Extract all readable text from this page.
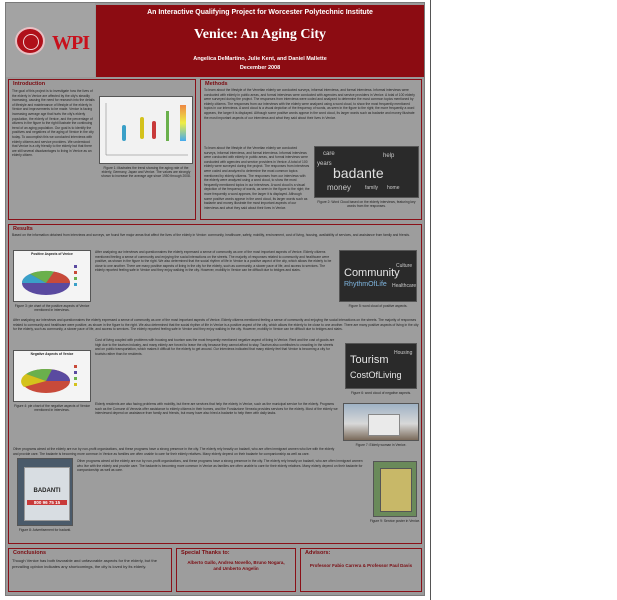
WPI
An Interactive Qualifying Project for Worcester Polytechnic Institute
Venice: An Aging City
Angelica DeMartino, Julie Kent, and Daniel Mallette
December 2008
Introduction
The goal of this project is to investigate how the lives of the elderly in Venice are affected by the city's steadily increasing, causing the need for research into the details of lifestyle and maintenance of lifestyle of the elderly in Venice and improvements to be made. Venice is facing increasing average age that hurts the city's elderly population, the elderly of Venice, and the percentage of citizens in the figure to the right illustrate the continuing trend of an aging population. Our goal is to identify the positives and negatives of the aging of Venice in the city today. To accomplish this we conducted interviews with elderly citizens and service providers. We understood that Venice is a city friendly to the elderly but that there are still several disadvantages to living in Venice as an elderly citizen.
Figure 1: illustrates the trend showing the aging rate of the elderly, Germany, Japan and Venice. The values are strongly shown to increase the average age since 1950 through 2008.
Methods
To learn about the lifestyle of the Venetian elderly we conducted surveys, informal interviews, and formal interviews. Informal interviews were conducted with elderly in public areas, and formal interviews were conducted with agencies and service providers in Venice. A total of 100 elderly were surveyed during the project. The responses from interviews were coded and analyzed to determine the most common topics mentioned by elderly citizens. The responses from our interviews with the elderly were analyzed using a word cloud, to show the most frequently mentioned topics in our interviews. A word cloud is a visual depiction of the frequency of words, as seen in the figure to the right; the more frequently a word appears, the larger it is displayed. Although some positive words appear in the word cloud, its larger words such as badante and money illustrate the most important aspects of our interviews and what they said about their lives in Venice.
To learn about the lifestyle of the Venetian elderly we conducted surveys, informal interviews, and formal interviews. Informal interviews were conducted with elderly in public areas, and formal interviews were conducted with agencies and service providers in Venice. A total of 100 elderly were surveyed during the project. The responses from interviews were coded and analyzed to determine the most common topics mentioned by elderly citizens. The responses from our interviews with the elderly were analyzed using a word cloud, to show the most frequently mentioned topics in our interviews. A word cloud is a visual depiction of the frequency of words, as seen in the figure to the right; the more frequently a word appears, the larger it is displayed. Although some positive words appear in the word cloud, its larger words such as badante and money illustrate the most important aspects of our interviews and what they said about their lives in Venice.
care
badante
money
years
help
home
family
Figure 2: Word Cloud based on the elderly interviews, featuring key words from the responses.
Results
Based on the information obtained from interviews and surveys, we found five major areas that affect the lives of the elderly in Venice: community, healthcare, safety, mobility, environment, cost of living, housing, availability of services, and assistance from family and friends.
Positive Aspects of Venice
Figure 3: pie chart of the positive aspects of Venice mentioned in interviews.
After analyzing our interviews and questionnaires the elderly expressed a sense of community as one of the most important aspects of Venice. Elderly citizens mentioned feeling a sense of community and enjoying the social interactions on the streets. The majority of responses related to community and healthcare were positive, as shown in the figure to the right. We also determined that the social rhythm of life in Venice is a positive aspect of the city, which allows the elderly to be close to one another. There are many positive aspects of living in the city for the elderly, such as community, a slower pace of life, and access to services. The elderly reported feeling safe in Venice and they enjoy walking in the city. However, mobility in Venice can be difficult due to bridges and stairs.	Community
RhythmOfLife
Culture
Healthcare
Figure 5: word cloud of positive aspects.
After analyzing our interviews and questionnaires the elderly expressed a sense of community as one of the most important aspects of Venice. Elderly citizens mentioned feeling a sense of community and enjoying the social interactions on the streets. The majority of responses related to community and healthcare were positive, as shown in the figure to the right. We also determined that the social rhythm of life in Venice is a positive aspect of the city, which allows the elderly to be close to one another. There are many positive aspects of living in the city for the elderly, such as community, a slower pace of life, and access to services. The elderly reported feeling safe in Venice and they enjoy walking in the city. However, mobility in Venice can be difficult due to bridges and stairs.
Negative Aspects of Venice
Figure 4: pie chart of the negative aspects of Venice mentioned in interviews.
Cost of living coupled with problems with housing and tourism was the most frequently mentioned negative aspect of living in Venice. Rent and the cost of goods are high due to the tourism industry, and many elderly are forced to leave the city because they cannot afford to stay. Tourism also contributes to crowding in the streets and on public transportation, which makes it difficult for the elderly to get around. Our interviews indicated that many elderly feel that Venice is becoming a city for tourists rather than for residents.
Tourism
CostOfLiving
Housing
Figure 6: word cloud of negative aspects.
Figure 7: Elderly woman in Venice.
Elderly residents are also facing problems with mobility, but there are services that help the elderly in Venice, such as the municipal service for the elderly. Programs such as the Comune di Venezia offer assistance to elderly citizens in their homes, and the Fondazione Venezia provides services for the elderly. Most of the elderly we interviewed depend on assistance from family and friends, but many have also hired a badante to help them with daily tasks.
BADANTI
800 96 75 15
Figure 8: Advertisement for badanti.
Other programs aimed at the elderly are run by non-profit organizations, and these programs have a strong presence in the city. The elderly rely heavily on badanti, who are often immigrant women who live with the elderly and provide care. The badante is becoming more common in Venice as families are often unable to care for their elderly relatives. Many elderly depend on their badante for companionship as well as care.
Other programs aimed at the elderly are run by non-profit organizations, and these programs have a strong presence in the city. The elderly rely heavily on badanti, who are often immigrant women who live with the elderly and provide care. The badante is becoming more common in Venice as families are often unable to care for their elderly relatives. Many elderly depend on their badante for companionship as well as care.
Figure 9: Service poster in Venice.
Conclusions
Though Venice has both favorable and unfavorable aspects for the elderly, but the prevailing opinion indicates any shortcomings, the city is loved by its elderly.
Special Thanks to:
Alberto Gallo, Andrea Novello, Bruno Nogara, and Umberto Angelin
Advisors:
Professor Fabio Carrera & Professor Paul Davis
